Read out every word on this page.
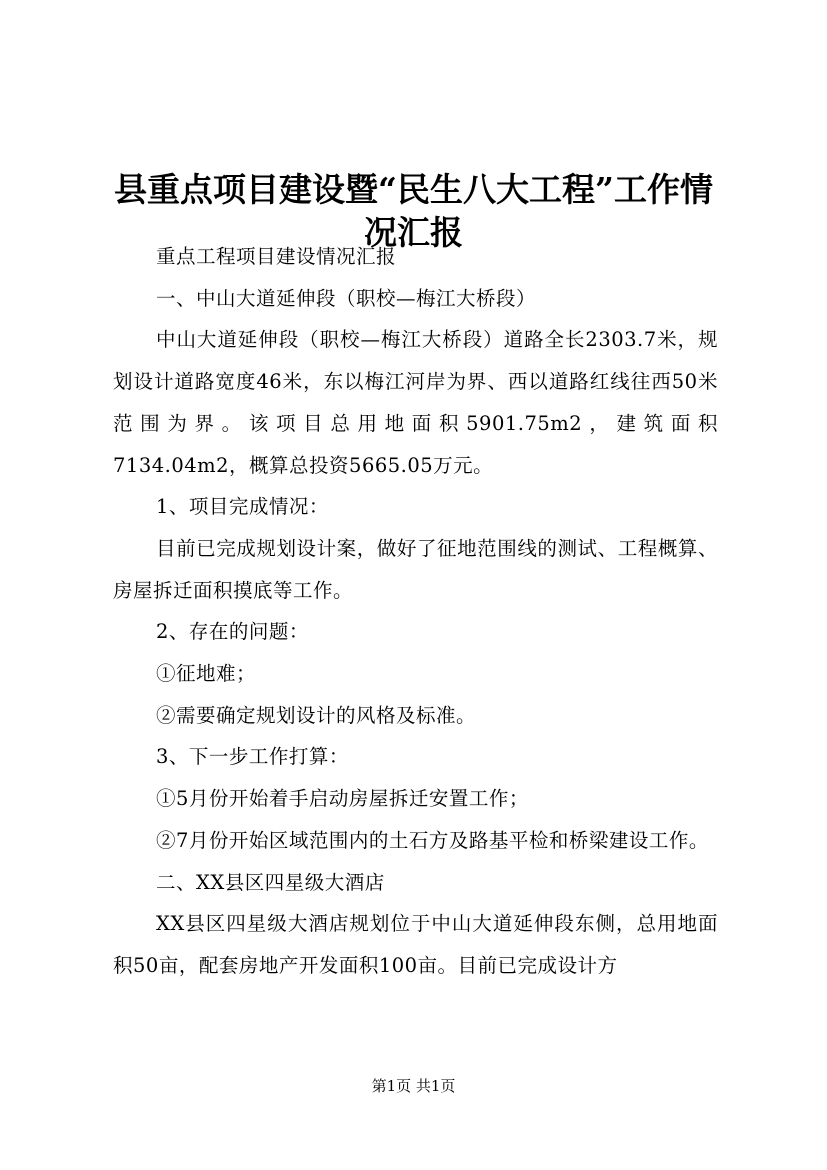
县重点项目建设暨“民生八大工程”工作情况汇报

重点工程项目建设情况汇报

一、中山大道延伸段（职校—梅江大桥段）

中山大道延伸段（职校—梅江大桥段）道路全长2303.7米，规划设计道路宽度46米，东以梅江河岸为界、西以道路红线往西50米范围为界。该项目总用地面积5901.75m2，建筑面积7134.04m2，概算总投资5665.05万元。

1、项目完成情况：

目前已完成规划设计案，做好了征地范围线的测试、工程概算、房屋拆迁面积摸底等工作。

2、存在的问题：

①征地难；

②需要确定规划设计的风格及标准。

3、下一步工作打算：

①5月份开始着手启动房屋拆迁安置工作；

②7月份开始区域范围内的土石方及路基平检和桥梁建设工作。

二、XX县区四星级大酒店

XX县区四星级大酒店规划位于中山大道延伸段东侧，总用地面积50亩，配套房地产开发面积100亩。目前已完成设计方

第1页 共1页
